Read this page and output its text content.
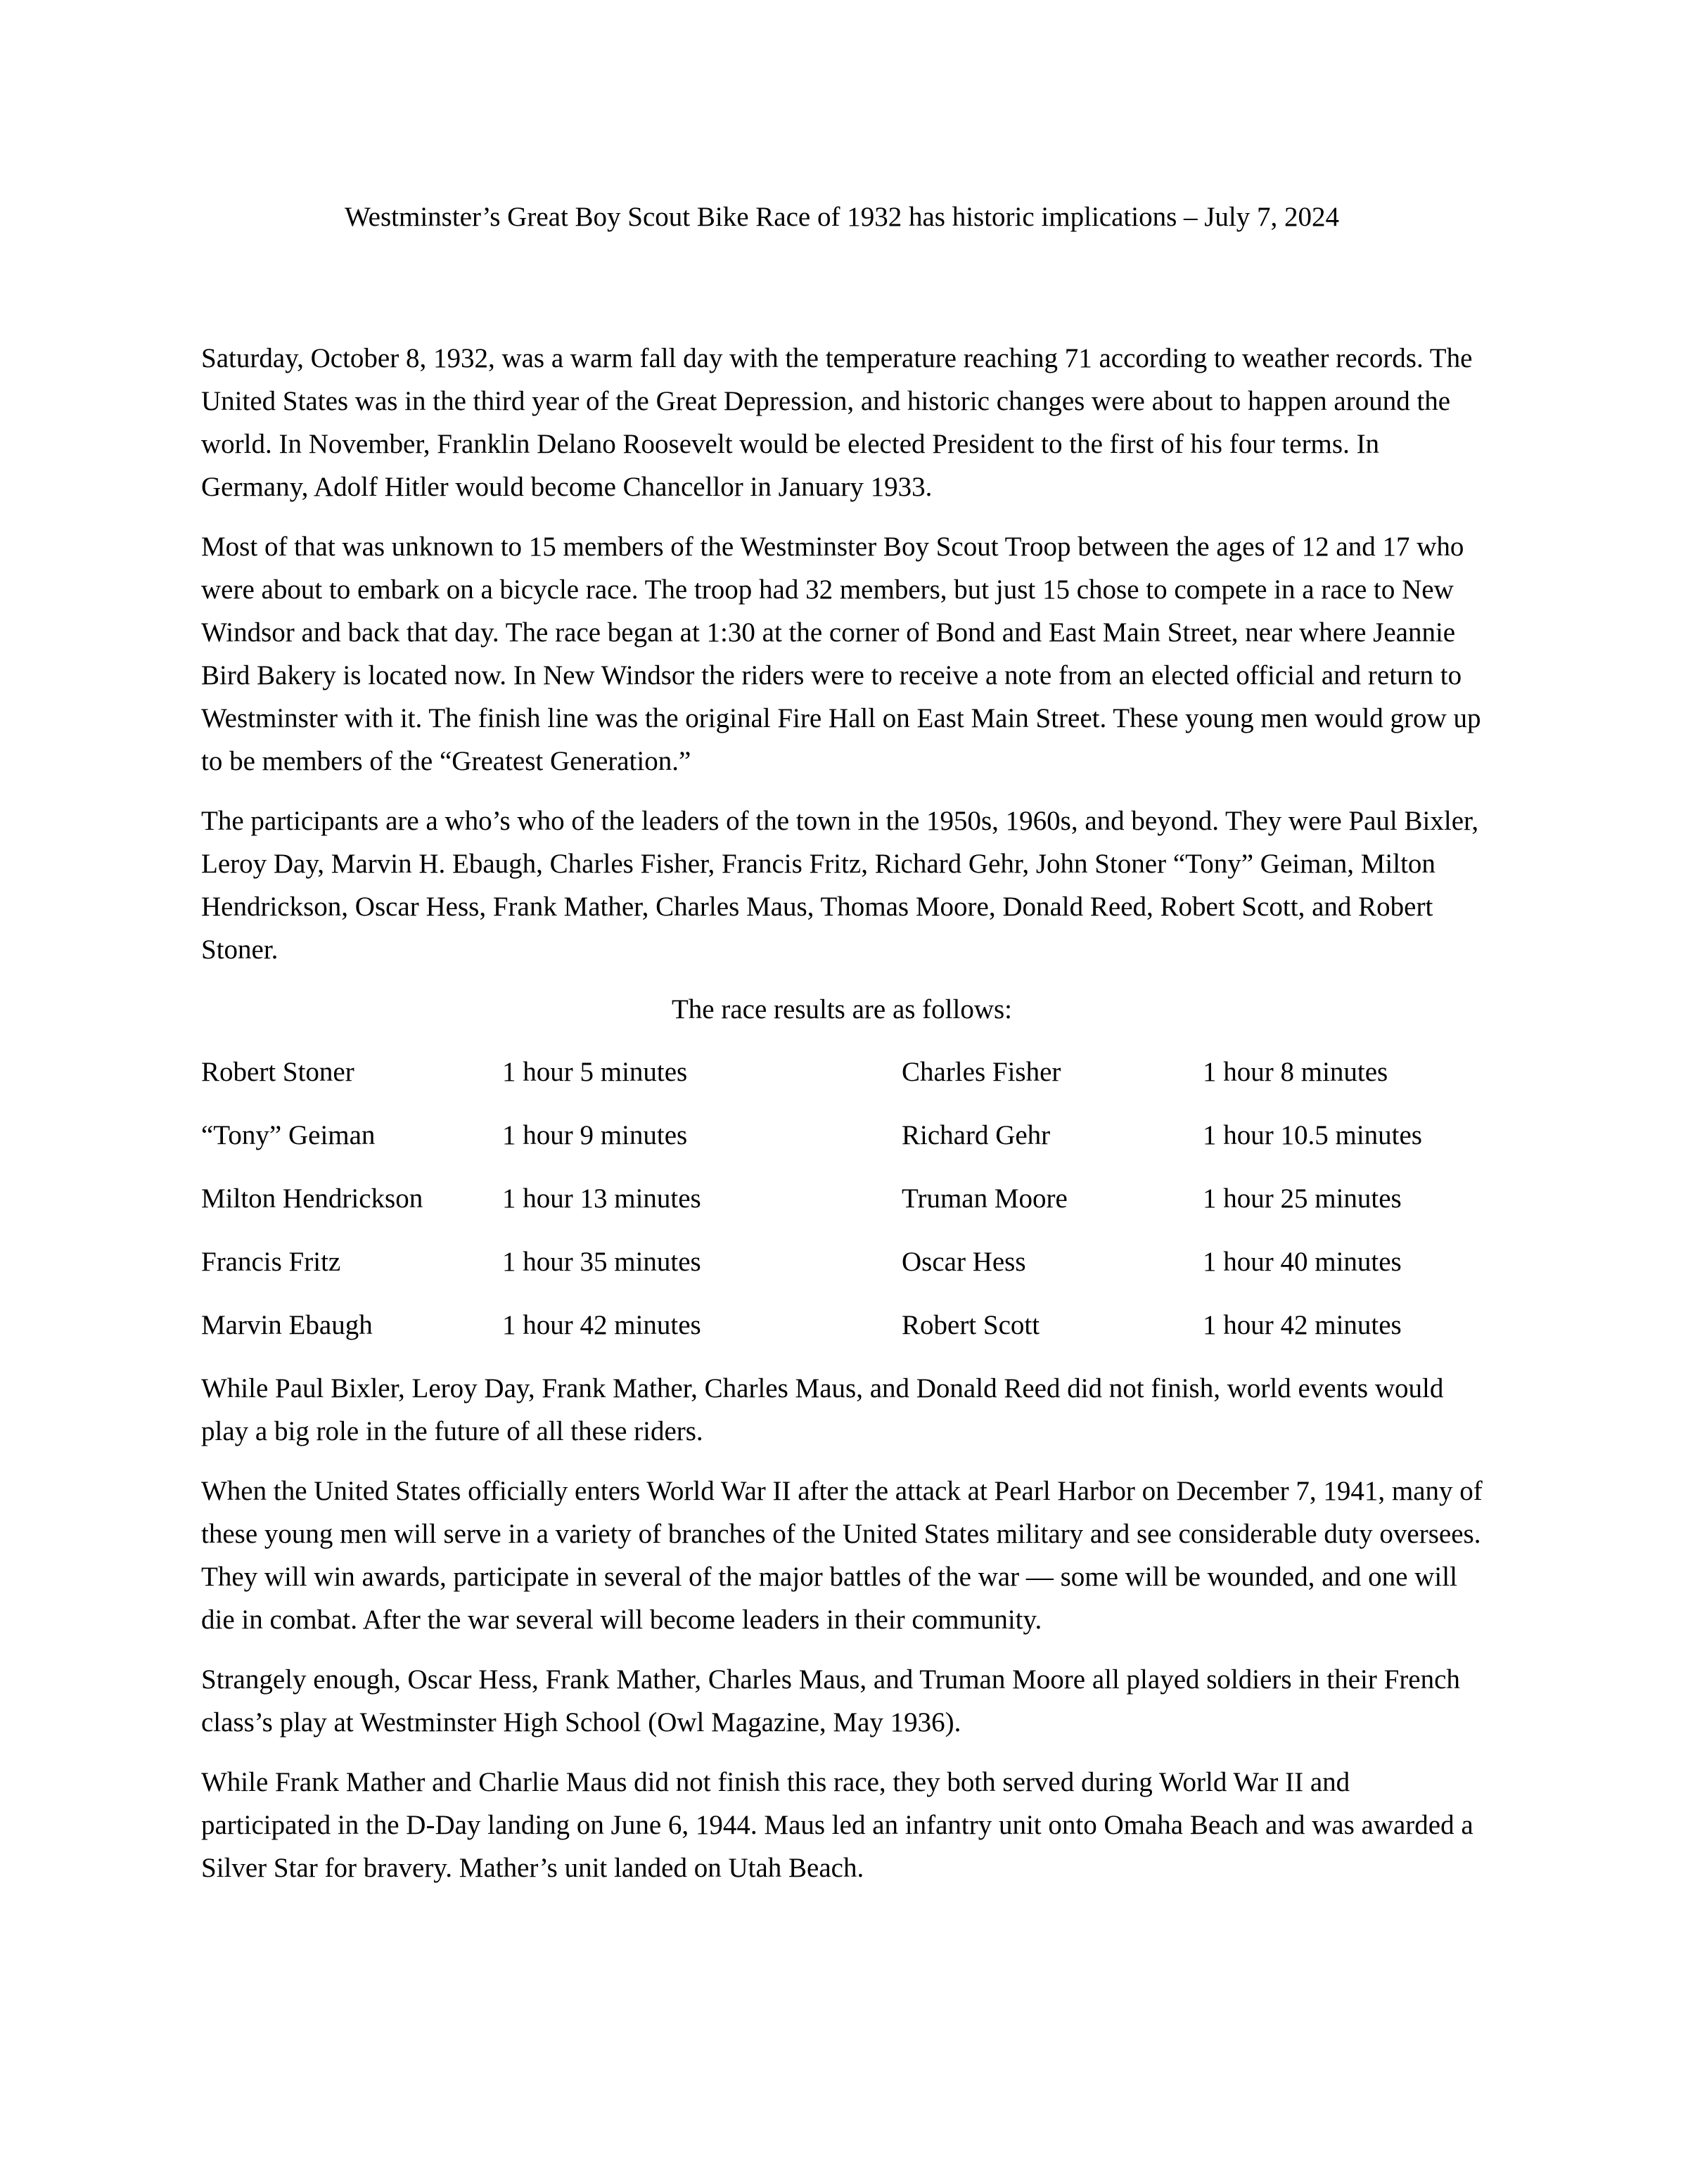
Westminster’s Great Boy Scout Bike Race of 1932 has historic implications – July 7, 2024

Saturday, October 8, 1932, was a warm fall day with the temperature reaching 71 according to weather records. The United States was in the third year of the Great Depression, and historic changes were about to happen around the world. In November, Franklin Delano Roosevelt would be elected President to the first of his four terms. In Germany, Adolf Hitler would become Chancellor in January 1933.

Most of that was unknown to 15 members of the Westminster Boy Scout Troop between the ages of 12 and 17 who were about to embark on a bicycle race. The troop had 32 members, but just 15 chose to compete in a race to New Windsor and back that day. The race began at 1:30 at the corner of Bond and East Main Street, near where Jeannie Bird Bakery is located now. In New Windsor the riders were to receive a note from an elected official and return to Westminster with it. The finish line was the original Fire Hall on East Main Street. These young men would grow up to be members of the “Greatest Generation.”

The participants are a who’s who of the leaders of the town in the 1950s, 1960s, and beyond. They were Paul Bixler, Leroy Day, Marvin H. Ebaugh, Charles Fisher, Francis Fritz, Richard Gehr, John Stoner “Tony” Geiman, Milton Hendrickson, Oscar Hess, Frank Mather, Charles Maus, Thomas Moore, Donald Reed, Robert Scott, and Robert Stoner.

The race results are as follows:

Robert Stoner	1 hour 5 minutes	Charles Fisher	1 hour 8 minutes
“Tony” Geiman	1 hour 9 minutes	Richard Gehr	1 hour 10.5 minutes
Milton Hendrickson	1 hour 13 minutes	Truman Moore	1 hour 25 minutes
Francis Fritz	1 hour 35 minutes	Oscar Hess	1 hour 40 minutes
Marvin Ebaugh	1 hour 42 minutes	Robert Scott	1 hour 42 minutes

While Paul Bixler, Leroy Day, Frank Mather, Charles Maus, and Donald Reed did not finish, world events would play a big role in the future of all these riders.

When the United States officially enters World War II after the attack at Pearl Harbor on December 7, 1941, many of these young men will serve in a variety of branches of the United States military and see considerable duty oversees. They will win awards, participate in several of the major battles of the war — some will be wounded, and one will die in combat. After the war several will become leaders in their community.

Strangely enough, Oscar Hess, Frank Mather, Charles Maus, and Truman Moore all played soldiers in their French class’s play at Westminster High School (Owl Magazine, May 1936).

While Frank Mather and Charlie Maus did not finish this race, they both served during World War II and participated in the D-Day landing on June 6, 1944. Maus led an infantry unit onto Omaha Beach and was awarded a Silver Star for bravery. Mather’s unit landed on Utah Beach.
